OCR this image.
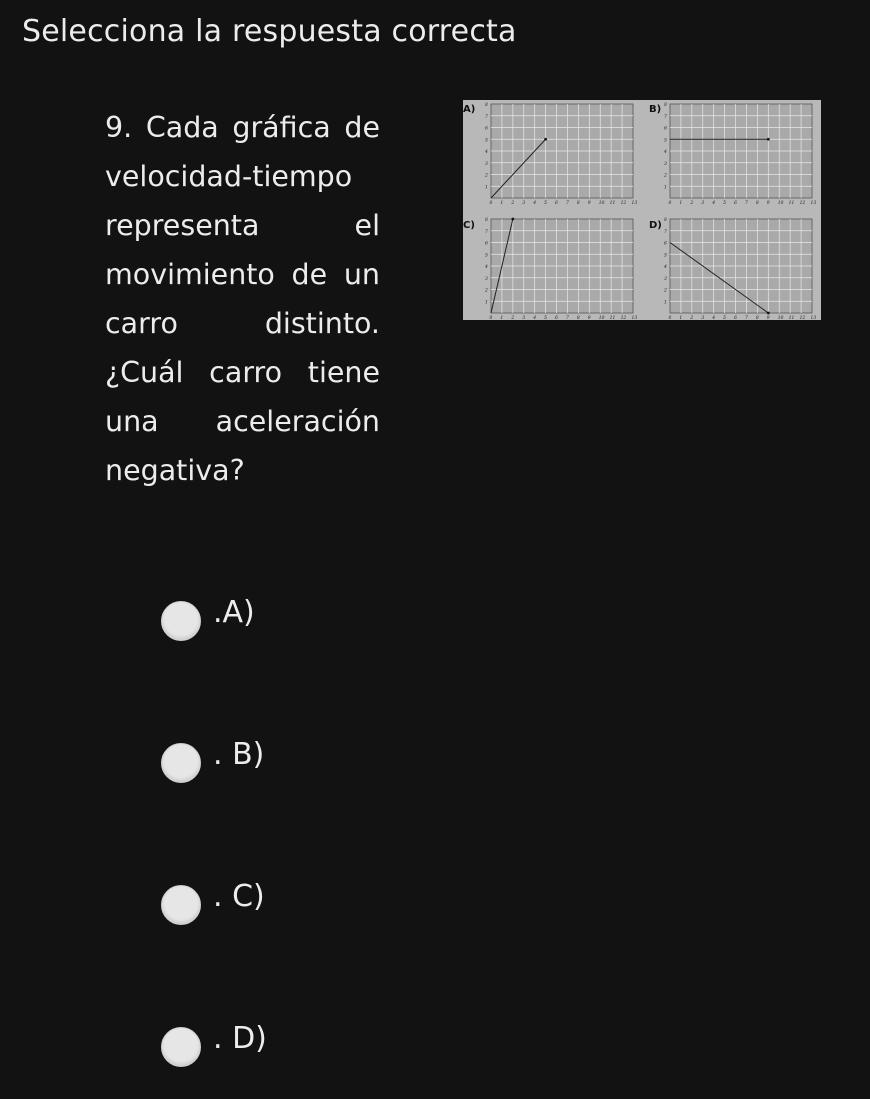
Selecciona la respuesta correcta
9. Cada gráfica de velocidad-tiempo representa el movimiento de un carro distinto. ¿Cuál carro tiene una aceleración negativa?
A)
1
2
3
4
5
6
7
8
0 1 2 3 4 5 6 7 8 9 10 11 12 13
B)
1
2
3
4
5
6
7
8
0 1 2 3 4 5 6 7 8 9 10 11 12 13
C)
1
2
3
4
5
6
7
8
0 1 2 3 4 5 6 7 8 9 10 11 12 13
D)
1
2
3
4
5
6
7
8
0 1 2 3 4 5 6 7 8 9 10 11 12 13
.A)
. B)
. C)
. D)
